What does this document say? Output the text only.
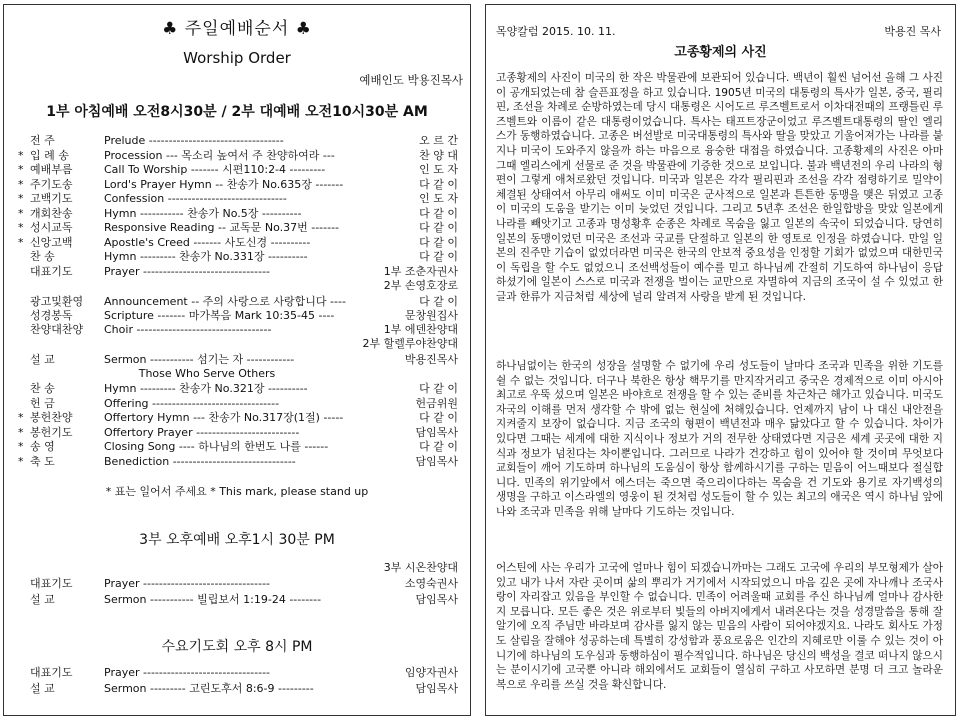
♣ 주일예배순서 ♣
Worship Order
예배인도 박용진목사
1부 아침예배 오전8시30분 / 2부 대예배 오전10시30분 AM
전 주	Prelude ----------------------------------	오 르 간
* 입 례 송	Procession --- 목소리 높여서 주 찬양하여라 ---	찬 양 대
* 예배부름	Call To Worship ------- 시편110:2-4 ---------	인 도 자
* 주기도송	Lord's Prayer Hymn -- 찬송가 No.635장 -------	다 같 이
* 고백기도	Confession ------------------------------	인 도 자
* 개회찬송	Hymn ----------- 찬송가 No.5장 ----------	다 같 이
* 성시교독	Responsive Reading -- 교독문 No.37번 -------	다 같 이
* 신앙고백	Apostle's Creed ------- 사도신경 ----------	다 같 이
찬 송	Hymn --------- 찬송가 No.331장 ----------	다 같 이
대표기도	Prayer --------------------------------	1부 조춘자권사
광고및환영	Announcement -- 주의 사랑으로 사랑합니다 ----	다 같 이
성경봉독	Scripture ------- 마가복음 Mark 10:35-45 ----	문창원집사
찬양대찬양	Choir ----------------------------------	1부 에덴찬양대
2부 손영호장로
2부 할렐루야찬양대
설 교	Sermon ----------- 섬기는 자 ------------	박용진목사
Those Who Serve Others
찬 송	Hymn --------- 찬송가 No.321장 ----------	다 같 이
헌 금	Offering --------------------------------	헌금위원
* 봉헌찬양	Offertory Hymn --- 찬송가 No.317장(1절) -----	다 같 이
* 봉헌기도	Offertory Prayer --------------------------	담임목사
* 송 영	Closing Song ---- 하나님의 한번도 나를 ------	다 같 이
* 축 도	Benediction -------------------------------	담임목사
* 표는 일어서 주세요 * This mark, please stand up
3부 오후예배 오후1시 30분 PM
3부 시온찬양대
대표기도	Prayer --------------------------------	소영숙권사
설 교	Sermon ----------- 빌립보서 1:19-24 --------	담임목사
수요기도회 오후 8시 PM
대표기도	Prayer --------------------------------	임양자권사
설 교	Sermon --------- 고린도후서 8:6-9 ---------	담임목사
목양칼럼 2015. 10. 11.	박용진 목사
고종황제의 사진
고종황제의 사진이 미국의 한 작은 박물관에 보관되어 있습니다. 백년이 훨씬 넘어선 올해 그 사진이 공개되었는데 참 슬픈표정을 하고 있습니다. 1905년 미국의 대통령의 특사가 일본, 중국, 필리핀, 조선을 차례로 순방하였는데 당시 대통령은 시어도르 루즈벨트로서 이차대전때의 프랭틀린 루즈벨트와 이름이 같은 대통령이었습니다. 특사는 태프트장군이었고 루즈벨트대통령의 딸인 엘리스가 동행하였습니다. 고종은 버선발로 미국대통령의 특사와 딸을 맞았고 기울어져가는 나라를 붙지나 미국이 도와주지 않을까 하는 마음으로 융숭한 대접을 하였습니다. 고종황제의 사진은 아마 그때 엘리스에게 선물로 준 것을 박물관에 기증한 것으로 보입니다. 불과 백년전의 우리 나라의 형편이 그렇게 애처로왔던 것입니다. 미국과 일본은 각각 필리핀과 조선을 각각 점령하기로 밀약이 체결된 상태여서 아무리 애써도 이미 미국은 군사적으로 일본과 튼튼한 동맹을 맺은 뒤였고 고종이 미국의 도움을 받기는 이미 늦었던 것입니다. 그리고 5년후 조선은 한일합방을 맞았 일본에게 나라를 빼앗기고 고종과 명성황후 순종은 차례로 목숨을 잃고 일본의 속국이 되었습니다. 당연히 일본의 동맹이었던 미국은 조선과 국교를 단절하고 일본의 한 영토로 인정을 하였습니다. 만일 일본의 진주만 기습이 없었더라면 미국은 한국의 안보적 중요성을 인정할 기회가 없었으며 대한민국이 독립을 할 수도 없었으니 조선백성들이 예수를 믿고 하나님께 간절히 기도하여 하나님이 응답하셨기에 일본이 스스로 미국과 전쟁을 벌이는 교만으로 자멸하여 지금의 조국이 설 수 있었고 한글과 한류가 지금처럼 세상에 널리 알려져 사랑을 받게 된 것입니다.
하나님없이는 한국의 성장을 설명할 수 없기에 우리 성도들이 날마다 조국과 민족을 위한 기도를 쉴 수 없는 것입니다. 더구나 북한은 항상 핵무기를 만지작거리고 중국은 경제적으로 이미 아시아최고로 우뚝 섰으며 일본은 바야흐로 전쟁을 할 수 있는 준비를 차근차근 해가고 있습니다. 미국도 자국의 이해를 먼저 생각할 수 밖에 없는 현실에 처해있습니다. 언제까지 남이 나 대신 내안전을 지켜줄지 보장이 없습니다. 지금 조국의 형편이 백년전과 매우 닮았다고 할 수 있습니다. 차이가 있다면 그때는 세계에 대한 지식이나 정보가 거의 전무한 상태였다면 지금은 세계 곳곳에 대한 지식과 정보가 넘친다는 차이뿐입니다. 그러므로 나라가 건강하고 힘이 있어야 할 것이며 무엇보다 교회들이 깨어 기도하며 하나님의 도움심이 항상 함께하시기를 구하는 믿음이 어느때보다 절실합니다. 민족의 위기앞에서 에스더는 죽으면 죽으리이다하는 목숨을 건 기도와 용기로 자기백성의 생명을 구하고 이스라엘의 영웅이 된 것처럼 성도들이 할 수 있는 최고의 애국은 역시 하나님 앞에 나와 조국과 민족을 위해 날마다 기도하는 것입니다.
어스틴에 사는 우리가 고국에 얼마나 힘이 되겠습니까마는 그래도 고국에 우리의 부모형제가 살아있고 내가 나서 자란 곳이며 삶의 뿌리가 거기에서 시작되었으니 마음 깊은 곳에 자나깨나 조국사랑이 자리잡고 있음을 부인할 수 없습니다. 민족이 어려울때 교회를 주신 하나님께 얼마나 감사한지 모릅니다. 모든 좋은 것은 위로부터 빛들의 아버지에게서 내려온다는 것을 성경말씀을 통해 잘 알기에 오직 주님만 바라보며 감사를 잃지 않는 믿음의 사람이 되어야겠지요. 나라도 회사도 가정도 살림을 잘해야 성공하는데 특별히 강성함과 풍요로움은 인간의 지혜로만 이룰 수 있는 것이 아니기에 하나님의 도우심과 동행하심이 필수적입니다. 하나님은 당신의 백성을 결코 떠나지 않으시는 분이시기에 고국뿐 아니라 해외에서도 교회들이 열심히 구하고 사모하면 분명 더 크고 놀라운 복으로 우리를 쓰실 것을 확신합니다.
